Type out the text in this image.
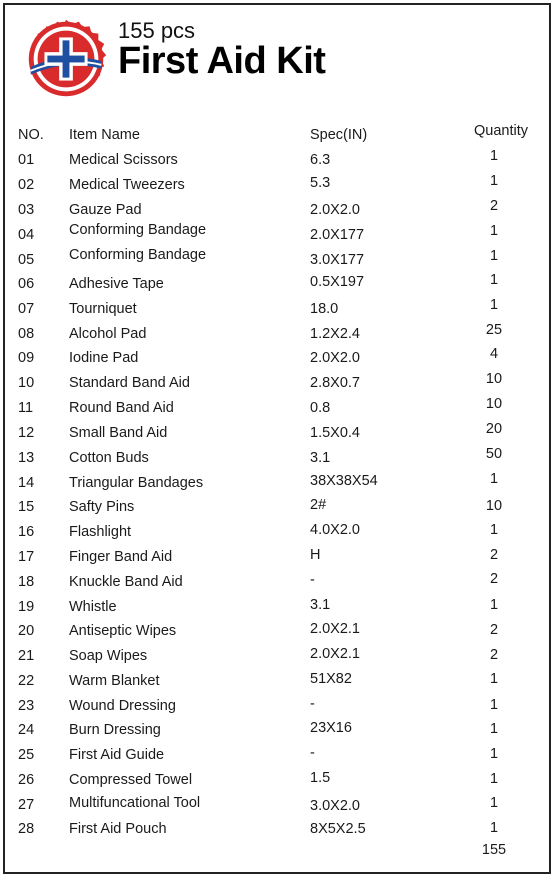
155 pcs
First Aid Kit
NO. Item Name	Spec(IN)	Quantity
01 Medical Scissors	6.3	1
02 Medical Tweezers	5.3	1
03 Gauze Pad	2.0X2.0	2
04 Conforming Bandage	2.0X177	1
05 Conforming Bandage	3.0X177	1
06 Adhesive Tape	0.5X197	1
07 Tourniquet	18.0	1
08 Alcohol Pad	1.2X2.4	25
09 Iodine Pad	2.0X2.0	4
10 Standard Band Aid	2.8X0.7	10
11 Round Band Aid	0.8	10
12 Small Band Aid	1.5X0.4	20
13 Cotton Buds	3.1	50
14 Triangular Bandages	38X38X54	1
15 Safty Pins	2#	10
16 Flashlight	4.0X2.0	1
17 Finger Band Aid	H	2
18 Knuckle Band Aid	-	2
19 Whistle	3.1	1
20 Antiseptic Wipes	2.0X2.1	2
21 Soap Wipes	2.0X2.1	2
22 Warm Blanket	51X82	1
23 Wound Dressing	-	1
24 Burn Dressing	23X16	1
25 First Aid Guide	-	1
26 Compressed Towel	1.5	1
27 Multifuncational Tool	3.0X2.0	1
28 First Aid Pouch	8X5X2.5	1
155
